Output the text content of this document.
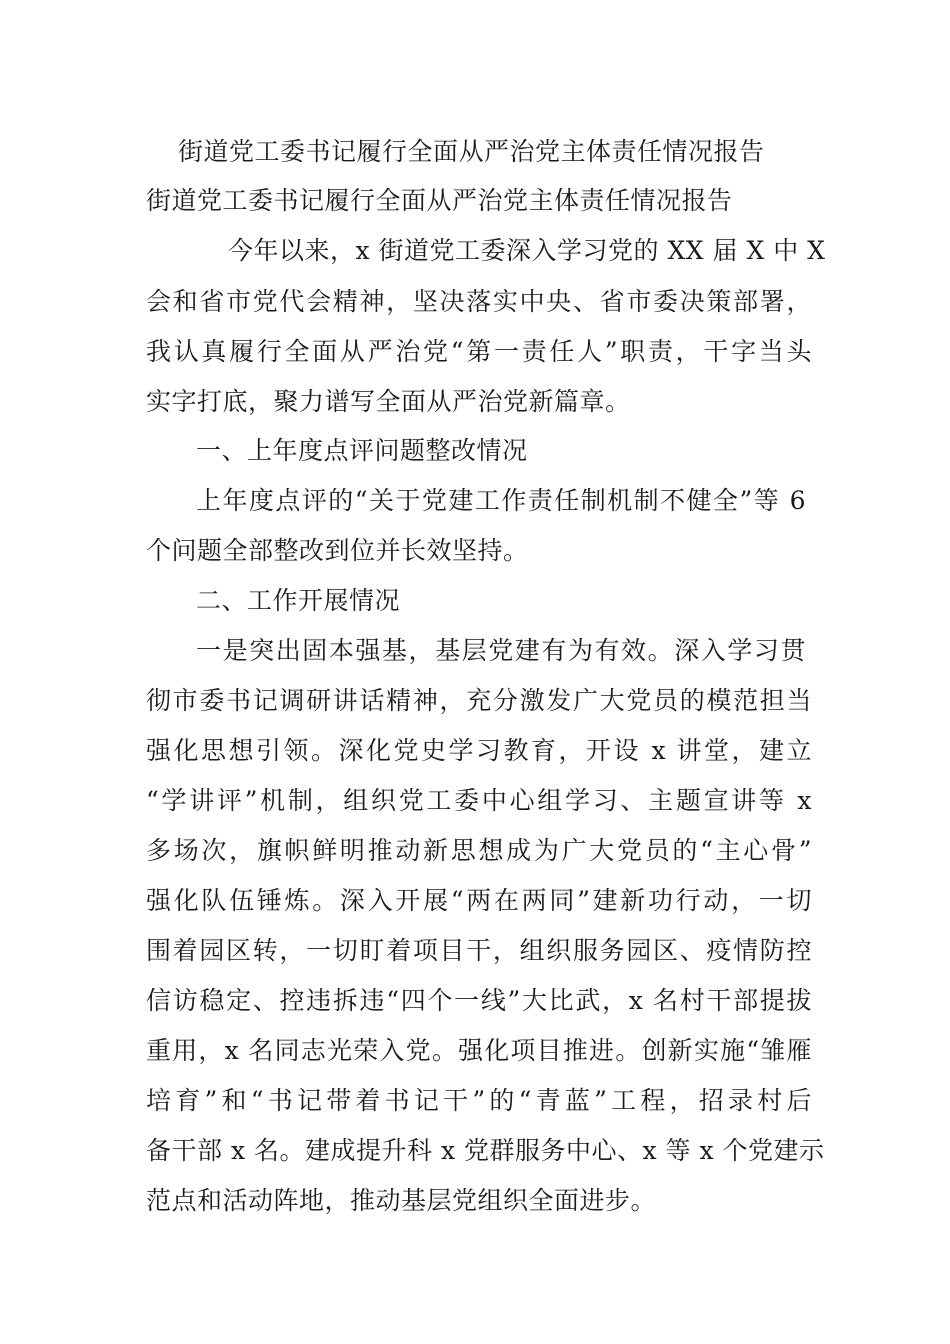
街道党工委书记履行全面从严治党主体责任情况报告
街道党工委书记履行全面从严治党主体责任情况报告
今年以来，x 街道党工委深入学习党的 XX 届 X 中 X
会和省市党代会精神，坚决落实中央、省市委决策部署，
我认真履行全面从严治党“第一责任人”职责，干字当头
实字打底，聚力谱写全面从严治党新篇章。
一、上年度点评问题整改情况
上年度点评的“关于党建工作责任制机制不健全”等 6
个问题全部整改到位并长效坚持。
二、工作开展情况
一是突出固本强基，基层党建有为有效。深入学习贯
彻市委书记调研讲话精神，充分激发广大党员的模范担当
强化思想引领。深化党史学习教育，开设 x 讲堂，建立
“学讲评”机制，组织党工委中心组学习、主题宣讲等 x
多场次，旗帜鲜明推动新思想成为广大党员的“主心骨”
强化队伍锤炼。深入开展“两在两同”建新功行动，一切
围着园区转，一切盯着项目干，组织服务园区、疫情防控
信访稳定、控违拆违“四个一线”大比武，x 名村干部提拔
重用，x 名同志光荣入党。强化项目推进。创新实施“雏雁
培育”和“书记带着书记干”的“青蓝”工程，招录村后
备干部 x 名。建成提升科 x 党群服务中心、x 等 x 个党建示
范点和活动阵地，推动基层党组织全面进步。
